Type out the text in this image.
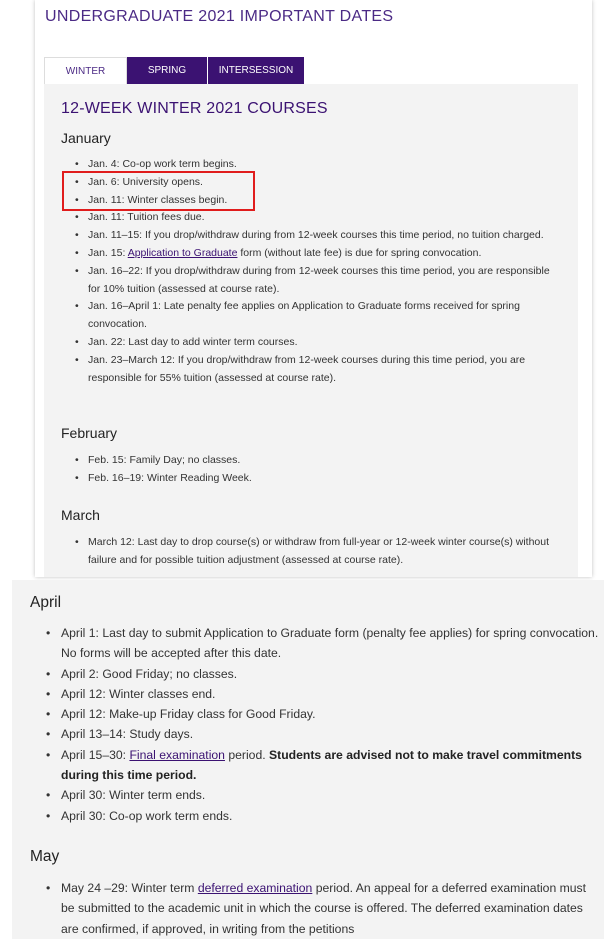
UNDERGRADUATE 2021 IMPORTANT DATES
WINTER	SPRING	INTERSESSION
12-WEEK WINTER 2021 COURSES
January
• Jan. 4: Co-op work term begins.
• Jan. 6: University opens.
• Jan. 11: Winter classes begin.
• Jan. 11: Tuition fees due.
• Jan. 11–15: If you drop/withdraw during from 12-week courses this time period, no tuition charged.
• Jan. 15: Application to Graduate form (without late fee) is due for spring convocation.
• Jan. 16–22: If you drop/withdraw during from 12-week courses this time period, you are responsible for 10% tuition (assessed at course rate).
• Jan. 16–April 1: Late penalty fee applies on Application to Graduate forms received for spring convocation.
• Jan. 22: Last day to add winter term courses.
• Jan. 23–March 12: If you drop/withdraw from 12-week courses during this time period, you are responsible for 55% tuition (assessed at course rate).
February
• Feb. 15: Family Day; no classes.
• Feb. 16–19: Winter Reading Week.
March
• March 12: Last day to drop course(s) or withdraw from full-year or 12-week winter course(s) without failure and for possible tuition adjustment (assessed at course rate).
April
• April 1: Last day to submit Application to Graduate form (penalty fee applies) for spring convocation. No forms will be accepted after this date.
• April 2: Good Friday; no classes.
• April 12: Winter classes end.
• April 12: Make-up Friday class for Good Friday.
• April 13–14: Study days.
• April 15–30: Final examination period. Students are advised not to make travel commitments during this time period.
• April 30: Winter term ends.
• April 30: Co-op work term ends.
May
• May 24 –29: Winter term deferred examination period. An appeal for a deferred examination must be submitted to the academic unit in which the course is offered. The deferred examination dates are confirmed, if approved, in writing from the petitions
